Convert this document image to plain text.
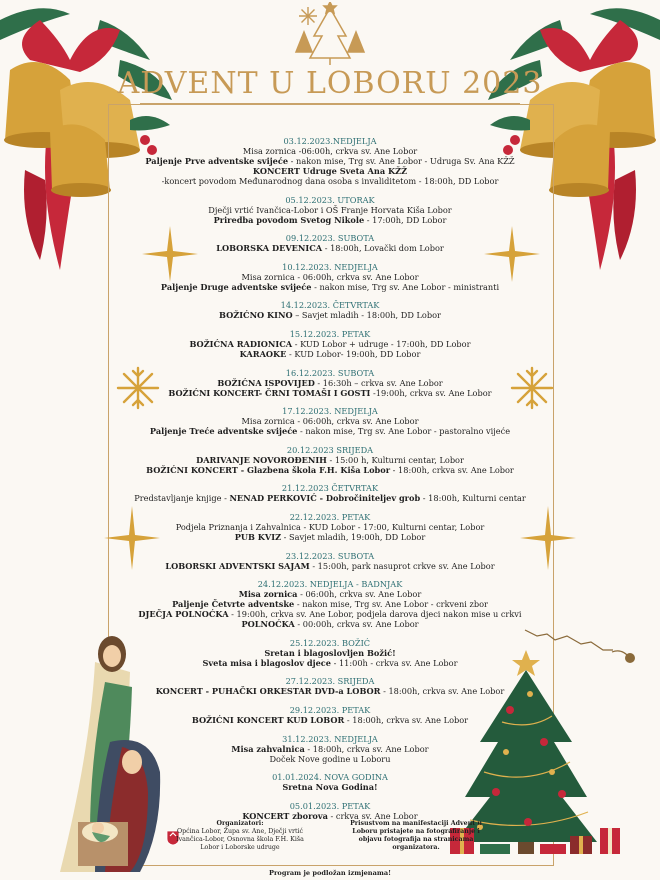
ADVENT U LOBORU 2023
03.12.2023.NEDJELJA
Misa zornica -06:00h, crkva sv. Ane Lobor
Paljenje Prve adventske svijeće - nakon mise, Trg sv. Ane Lobor - Udruga Sv. Ana KŽŽ
KONCERT Udruge Sveta Ana KŽŽ
-koncert povodom Međunarodnog dana osoba s invaliditetom - 18:00h, DD Lobor
05.12.2023. UTORAK
Dječji vrtić Ivančica-Lobor i OŠ Franje Horvata Kiša Lobor
Priredba povodom Svetog Nikole - 17:00h, DD Lobor
09.12.2023. SUBOTA
LOBORSKA DEVENICA - 18:00h, Lovački dom Lobor
10.12.2023. NEDJELJA
Misa zornica - 06:00h, crkva sv. Ane Lobor
Paljenje Druge adventske svijeće - nakon mise, Trg sv. Ane Lobor - ministranti
14.12.2023. ČETVRTAK
BOŽIĆNO KINO – Savjet mladih - 18:00h, DD Lobor
15.12.2023. PETAK
BOŽIĆNA RADIONICA - KUD Lobor + udruge - 17:00h, DD Lobor
KARAOKE - KUD Lobor- 19:00h, DD Lobor
16.12.2023. SUBOTA
BOŽIĆNA ISPOVIJED - 16:30h – crkva sv. Ane Lobor
BOŽIĆNI KONCERT- ČRNI TOMAŠI I GOSTI -19:00h, crkva sv. Ane Lobor
17.12.2023. NEDJELJA
Misa zornica - 06:00h, crkva sv. Ane Lobor
Paljenje Treće adventske svijeće - nakon mise, Trg sv. Ane Lobor - pastoralno vijeće
20.12.2023 SRIJEDA
DARIVANJE NOVOROĐENIH - 15:00 h, Kulturni centar, Lobor
BOŽIĆNI KONCERT - Glazbena škola F.H. Kiša Lobor - 18:00h, crkva sv. Ane Lobor
21.12.2023 ČETVRTAK
Predstavljanje knjige - NENAD PERKOVIĆ - Dobročiniteljev grob - 18:00h, Kulturni centar
22.12.2023. PETAK
Podjela Priznanja i Zahvalnica - KUD Lobor - 17:00, Kulturni centar, Lobor
PUB KVIZ - Savjet mladih, 19:00h, DD Lobor
23.12.2023. SUBOTA
LOBORSKI ADVENTSKI SAJAM - 15:00h, park nasuprot crkve sv. Ane Lobor
24.12.2023. NEDJELJA - BADNJAK
Misa zornica - 06:00h, crkva sv. Ane Lobor
Paljenje Četvrte adventske - nakon mise, Trg sv. Ane Lobor - crkveni zbor
DJEČJA POLNOĆKA - 19:00h, crkva sv. Ane Lobor, podjela darova djeci nakon mise u crkvi
POLNOĆKA - 00:00h, crkva sv. Ane Lobor
25.12.2023. BOŽIĆ
Sretan i blagoslovljen Božić!
Sveta misa i blagoslov djece - 11:00h - crkva sv. Ane Lobor
27.12.2023. SRIJEDA
KONCERT - PUHAČKI ORKESTAR DVD-a LOBOR - 18:00h, crkva sv. Ane Lobor
29.12.2023. PETAK
BOŽIĆNI KONCERT KUD LOBOR - 18:00h, crkva sv. Ane Lobor
31.12.2023. NEDJELJA
Misa zahvalnica - 18:00h, crkva sv. Ane Lobor
Doček Nove godine u Loboru
01.01.2024. NOVA GODINA
Sretna Nova Godina!
05.01.2023. PETAK
KONCERT zborova - crkva sv. Ane Lobor
Organizatori:
Općina Lobor, Župa sv. Ane, Dječji vrtić Ivančica-Lobor, Osnovna škola F.H. Kiša Lobor i Loborske udruge
Prisustvom na manifestaciji Advent u Loboru pristajete na fotografiranje i objavu fotografija na stranicama organizatora.
Program je podložan izmjenama!
